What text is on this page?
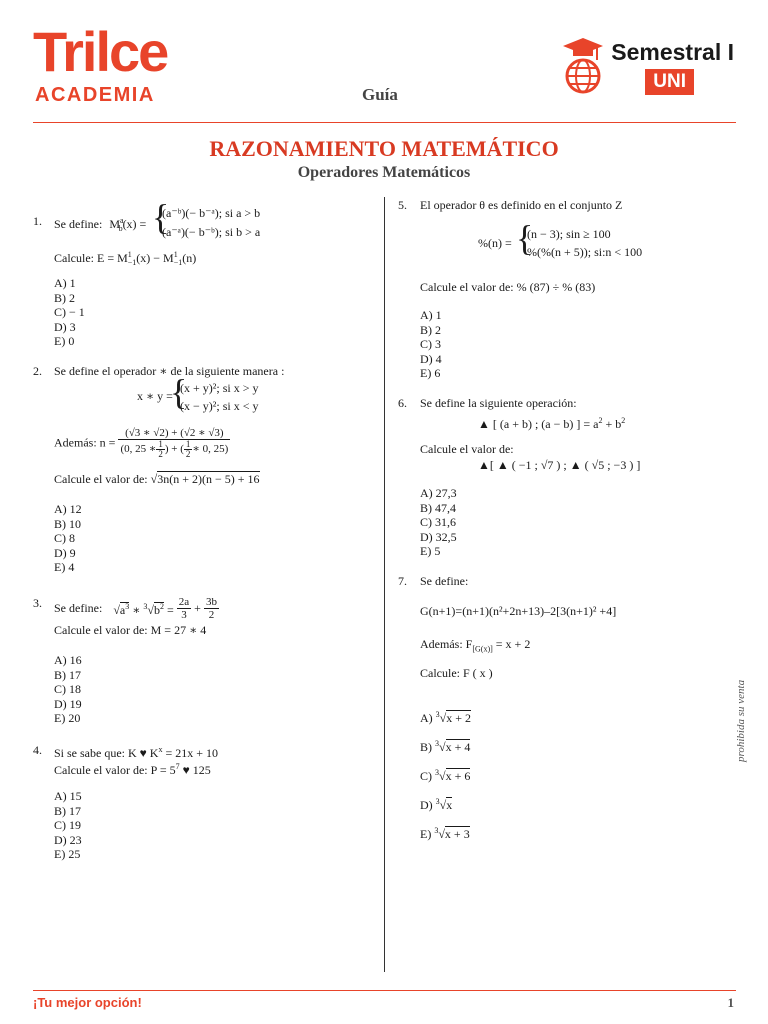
Trilce
ACADEMIA	Guía
Semestral I
UNI
RAZONAMIENTO MATEMÁTICO
Operadores Matemáticos
1. Se define: $M^a_b(x)$ = {
(a⁻ᵇ)(− b⁻ᵃ); si a > b
(a⁻ᵃ)(− b⁻ᵇ); si b > a
Calcule: $E = M^1_{-1}(x) - M^1_{-1}(n)$
A) 1
B) 2
C) − 1
D) 3
E) 0
2. Se define el operador ∗ de la siguiente manera :
x ∗ y =
{
(x + y)²; si x > y
(x − y)²; si x < y
Además: $n = \frac{(√3 ∗ √2) + (√2 ∗ √3)}{(0, 25 ∗ \frac{1}{2} ) + ( \frac{1}{2} ∗ 0, 25)}$
Calcule el valor de: √3n(n + 2)(n − 5) + 16
A) 12
B) 10
C) 8
D) 9
E) 4
3. Se define: $√a^3$ ∗ $^3√b^2 = \frac{2a}{3} + \frac{3b}{2}$
Calcule el valor de: M = 27 ∗ 4
A) 16
B) 17
C) 18
D) 19
E) 20
4. Si se sabe que: K ♥ $K^x = 21x + 10$
Calcule el valor de: $P = 5^7$ ♥ 125
A) 15
B) 17
C) 19
D) 23
E) 25
5. El operador θ es definido en el conjunto Z
%(n) = {
(n − 3); sin ≥ 100
%(%(n + 5)); si:n < 100
Calcule el valor de: % (87) ÷ % (83)
A) 1
B) 2
C) 3
D) 4
E) 6
6. Se define la siguiente operación:
▲ [ (a + b) ; (a − b) ] = $a^2 + b^2$
Calcule el valor de:
▲[ ▲ ( −1 ; √7 ) ; ▲ ( √5 ; −3 ) ]
A) 27,3
B) 47,4
C) 31,6
D) 32,5
E) 5
7. Se define:
G(n+1)=(n+1)(n²+2n+13)–2[3(n+1)² +4]
Además: $F_{[G(x)]} = x + 2$
Calcule: F ( x )
A) $^3$√x + 2
B) $^3$√x + 4
C) $^3$√x + 6
D) $^3$√x
E) $^3$√x + 3
prohibida su venta
¡Tu mejor opción!	1
